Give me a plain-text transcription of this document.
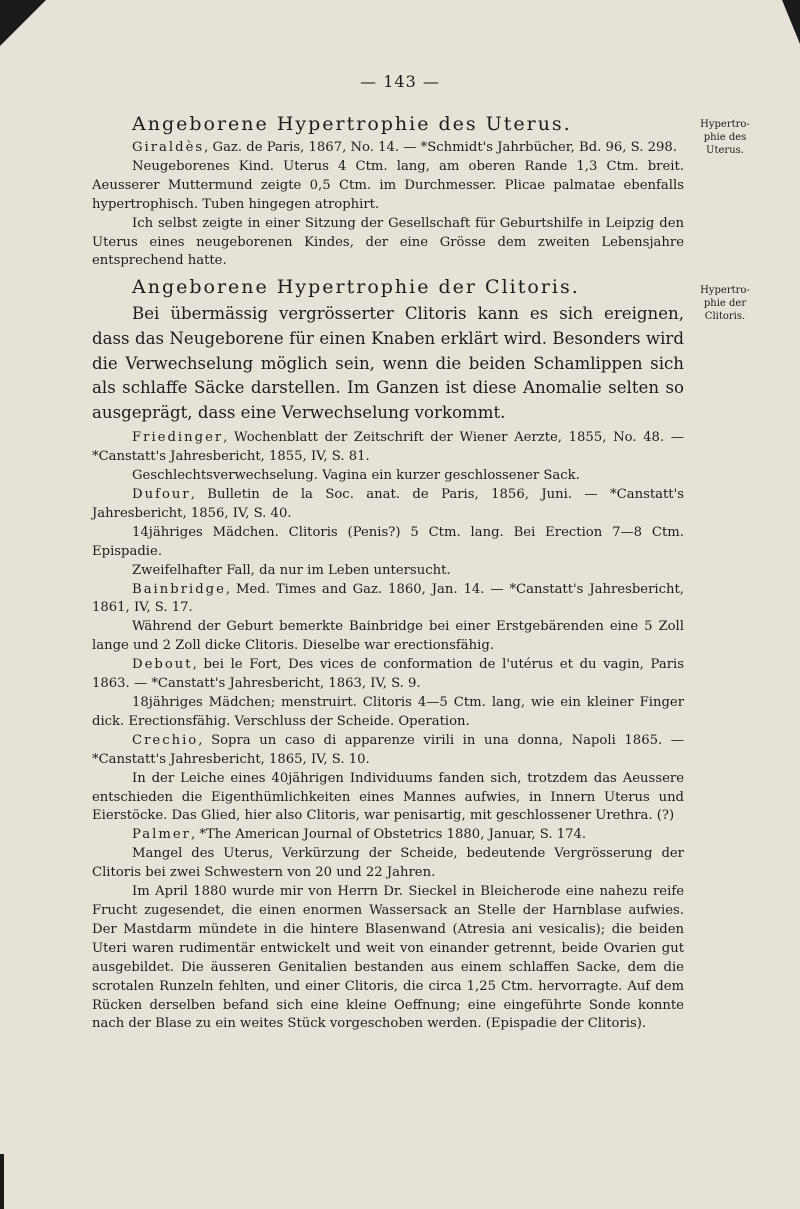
— 143 —
Hypertro-
phie des
Uterus.
Hypertro-
phie der
Clitoris.
Angeborene Hypertrophie des Uterus.

Giraldès, Gaz. de Paris, 1867, No. 14. — *Schmidt's Jahrbücher, Bd. 96, S. 298.

Neugeborenes Kind. Uterus 4 Ctm. lang, am oberen Rande 1,3 Ctm. breit. Aeusserer Muttermund zeigte 0,5 Ctm. im Durchmesser. Plicae palmatae ebenfalls hypertrophisch. Tuben hingegen atrophirt.

Ich selbst zeigte in einer Sitzung der Gesellschaft für Geburtshilfe in Leipzig den Uterus eines neugeborenen Kindes, der eine Grösse dem zweiten Lebensjahre entsprechend hatte.

Angeborene Hypertrophie der Clitoris.

Bei übermässig vergrösserter Clitoris kann es sich ereignen, dass das Neugeborene für einen Knaben erklärt wird. Besonders wird die Verwechselung möglich sein, wenn die beiden Schamlippen sich als schlaffe Säcke darstellen. Im Ganzen ist diese Anomalie selten so ausgeprägt, dass eine Verwechselung vorkommt.

Friedinger, Wochenblatt der Zeitschrift der Wiener Aerzte, 1855, No. 48. — *Canstatt's Jahresbericht, 1855, IV, S. 81.

Geschlechtsverwechselung. Vagina ein kurzer geschlossener Sack.

Dufour, Bulletin de la Soc. anat. de Paris, 1856, Juni. — *Canstatt's Jahresbericht, 1856, IV, S. 40.

14jähriges Mädchen. Clitoris (Penis?) 5 Ctm. lang. Bei Erection 7—8 Ctm. Epispadie.

Zweifelhafter Fall, da nur im Leben untersucht.

Bainbridge, Med. Times and Gaz. 1860, Jan. 14. — *Canstatt's Jahresbericht, 1861, IV, S. 17.

Während der Geburt bemerkte Bainbridge bei einer Erstgebärenden eine 5 Zoll lange und 2 Zoll dicke Clitoris. Dieselbe war erectionsfähig.

Debout, bei le Fort, Des vices de conformation de l'utérus et du vagin, Paris 1863. — *Canstatt's Jahresbericht, 1863, IV, S. 9.

18jähriges Mädchen; menstruirt. Clitoris 4—5 Ctm. lang, wie ein kleiner Finger dick. Erectionsfähig. Verschluss der Scheide. Operation.

Crechio, Sopra un caso di apparenze virili in una donna, Napoli 1865. — *Canstatt's Jahresbericht, 1865, IV, S. 10.

In der Leiche eines 40jährigen Individuums fanden sich, trotzdem das Aeussere entschieden die Eigenthümlichkeiten eines Mannes aufwies, in Innern Uterus und Eierstöcke. Das Glied, hier also Clitoris, war penisartig, mit geschlossener Urethra. (?)

Palmer, *The American Journal of Obstetrics 1880, Januar, S. 174.

Mangel des Uterus, Verkürzung der Scheide, bedeutende Vergrösserung der Clitoris bei zwei Schwestern von 20 und 22 Jahren.

Im April 1880 wurde mir von Herrn Dr. Sieckel in Bleicherode eine nahezu reife Frucht zugesendet, die einen enormen Wassersack an Stelle der Harnblase aufwies. Der Mastdarm mündete in die hintere Blasenwand (Atresia ani vesicalis); die beiden Uteri waren rudimentär entwickelt und weit von einander getrennt, beide Ovarien gut ausgebildet. Die äusseren Genitalien bestanden aus einem schlaffen Sacke, dem die scrotalen Runzeln fehlten, und einer Clitoris, die circa 1,25 Ctm. hervorragte. Auf dem Rücken derselben befand sich eine kleine Oeffnung; eine eingeführte Sonde konnte nach der Blase zu ein weites Stück vorgeschoben werden. (Epispadie der Clitoris).
